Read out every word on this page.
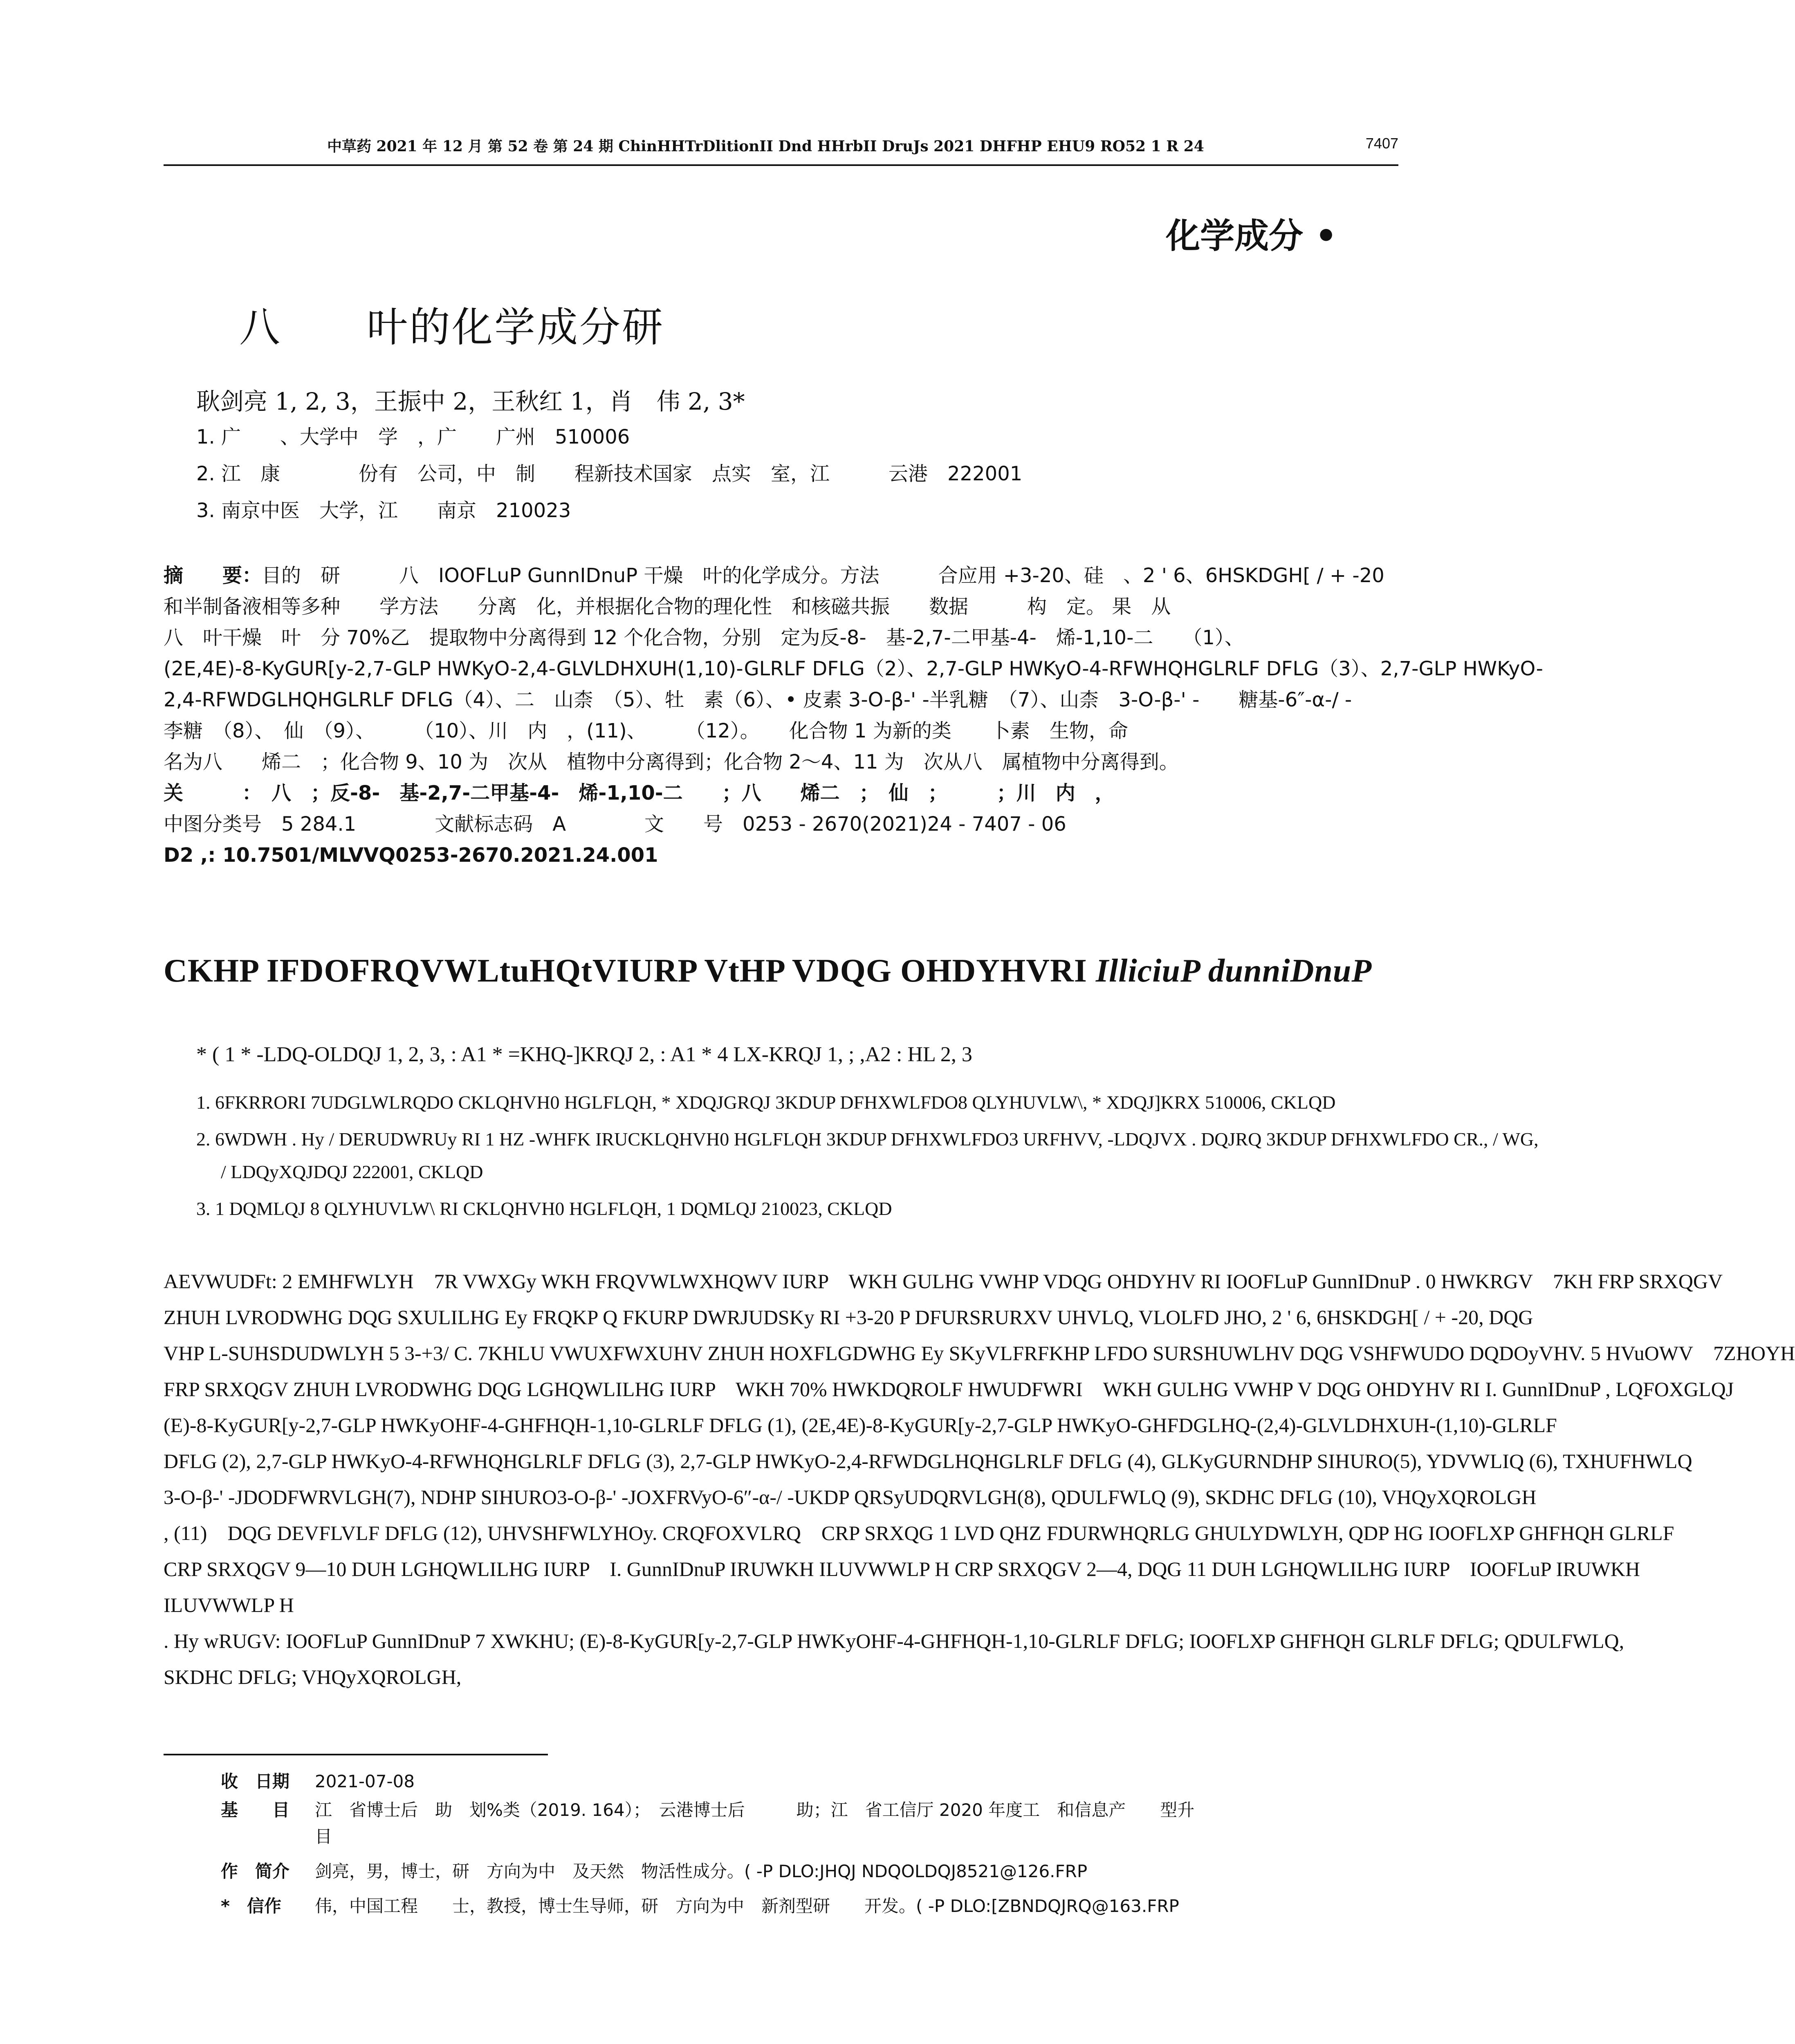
中草药 2021 年 12 月 第 52 卷 第 24 期 ChinHHTrDlitionII Dnd HHrbII DruJs 2021 DHFHP EHU9 RO52 1 R 24	7407
化学成分 •
八　　叶的化学成分研
耿剑亮 1, 2, 3，王振中 2，王秋红 1，肖　伟 2, 3*
1. 广　　、大学中　学　，广　　广州　510006
2. 江　康　　　　份有　公司，中　制　　程新技术国家　点实　室，江　　　云港　222001
3. 南京中医　大学，江　　南京　210023
摘　　要：目的　研　　　八　IOOFLuP GunnIDnuP 干燥　叶的化学成分。方法　　　合应用 +3-20、硅　、2 ' 6、6HSKDGH[ / + -20
和半制备液相等多种　　学方法　　分离　化，并根据化合物的理化性　和核磁共振　　数据　　　构　定。 果　从
八　叶干燥　叶　分 70%乙　提取物中分离得到 12 个化合物，分别　定为反-8-　基-2,7-二甲基-4-　烯-1,10-二　　（1）、
(2E,4E)-8-KyGUR[y-2,7-GLP HWKyO-2,4-GLVLDHXUH(1,10)-GLRLF DFLG（2）、2,7-GLP HWKyO-4-RFWHQHGLRLF DFLG（3）、2,7-GLP HWKyO-
2,4-RFWDGLHQHGLRLF DFLG（4）、二　山柰　（5）、牡　素（6）、• 皮素 3-O-β-' -半乳糖　（7）、山柰　3-O-β-' -　　糖基-6″-α-/ -
李糖　（8）、　仙　（9）、　　　（10）、川　内　，(11)、　　　（12）。　　化合物 1 为新的类　　卜素　生物，命
名为八　　烯二　；化合物 9、10 为　次从　植物中分离得到；化合物 2～4、11 为　次从八　属植物中分离得到。
关　　　：　八　；反-8-　基-2,7-二甲基-4-　烯-1,10-二　　；八　　烯二　；　仙　；　　　；川　内　，
中图分类号　5 284.1　　　　文献标志码　A　　　　文　　号　0253 - 2670(2021)24 - 7407 - 06
D2 ,: 10.7501/MLVVQ0253-2670.2021.24.001
CKHP IFDOFRQVWLtuHQtVIURP VtHP VDQG OHDYHVRI IlliciuP dunniDnuP
* ( 1 * -LDQ-OLDQJ 1, 2, 3, : A1 * =KHQ-]KRQJ 2, : A1 * 4 LX-KRQJ 1, ; ,A2 : HL 2, 3
1. 6FKRRORI 7UDGLWLRQDO CKLQHVH0 HGLFLQH, * XDQJGRQJ 3KDUP DFHXWLFDO8 QLYHUVLW\, * XDQJ]KRX 510006, CKLQD
2. 6WDWH . Hy / DERUDWRUy RI 1 HZ -WHFK IRUCKLQHVH0 HGLFLQH 3KDUP DFHXWLFDO3 URFHVV, -LDQJVX . DQJRQ 3KDUP DFHXWLFDO CR., / WG,
/ LDQyXQJDQJ 222001, CKLQD
3. 1 DQMLQJ 8 QLYHUVLW\ RI CKLQHVH0 HGLFLQH, 1 DQMLQJ 210023, CKLQD
AEVWUDFt: 2 EMHFWLYH　7R VWXGy WKH FRQVWLWXHQWV IURP　WKH GULHG VWHP VDQG OHDYHV RI IOOFLuP GunnIDnuP . 0 HWKRGV　7KH FRP SRXQGV
ZHUH LVRODWHG DQG SXULILHG Ey FRQKP Q FKURP DWRJUDSKy RI +3-20 P DFURSRURXV UHVLQ, VLOLFD JHO, 2 ' 6, 6HSKDGH[ / + -20, DQG
VHP L-SUHSDUDWLYH 5 3-+3/ C. 7KHLU VWUXFWXUHV ZHUH HOXFLGDWHG Ey SKyVLFRFKHP LFDO SURSHUWLHV DQG VSHFWUDO DQDOyVHV. 5 HVuOWV　7ZHOYH
FRP SRXQGV ZHUH LVRODWHG DQG LGHQWLILHG IURP　WKH 70% HWKDQROLF HWUDFWRI　WKH GULHG VWHP V DQG OHDYHV RI I. GunnIDnuP , LQFOXGLQJ
(E)-8-KyGUR[y-2,7-GLP HWKyOHF-4-GHFHQH-1,10-GLRLF DFLG (1), (2E,4E)-8-KyGUR[y-2,7-GLP HWKyO-GHFDGLHQ-(2,4)-GLVLDHXUH-(1,10)-GLRLF
DFLG (2), 2,7-GLP HWKyO-4-RFWHQHGLRLF DFLG (3), 2,7-GLP HWKyO-2,4-RFWDGLHQHGLRLF DFLG (4), GLKyGURNDHP SIHURO(5), YDVWLIQ (6), TXHUFHWLQ
3-O-β-' -JDODFWRVLGH(7), NDHP SIHURO3-O-β-' -JOXFRVyO-6″-α-/ -UKDP QRSyUDQRVLGH(8), QDULFWLQ (9), SKDHC DFLG (10), VHQyXQROLGH
, (11)　DQG DEVFLVLF DFLG (12), UHVSHFWLYHOy. CRQFOXVLRQ　CRP SRXQG 1 LVD QHZ FDURWHQRLG GHULYDWLYH, QDP HG IOOFLXP GHFHQH GLRLF
CRP SRXQGV 9—10 DUH LGHQWLILHG IURP　I. GunnIDnuP IRUWKH ILUVWWLP H CRP SRXQGV 2—4, DQG 11 DUH LGHQWLILHG IURP　IOOFLuP IRUWKH
ILUVWWLP H
. Hy wRUGV: IOOFLuP GunnIDnuP 7 XWKHU; (E)-8-KyGUR[y-2,7-GLP HWKyOHF-4-GHFHQH-1,10-GLRLF DFLG; IOOFLXP GHFHQH GLRLF DFLG; QDULFWLQ,
SKDHC DFLG; VHQyXQROLGH,
收　日期 2021-07-08
基　　目 江　省博士后　助　划%类（2019. 164）；　云港博士后　　　助；江　省工信厅 2020 年度工　和信息产　　型升
目
作　简介 剑亮，男，博士，研　方向为中　及天然　物活性成分。( -P DLO:JHQJ NDQOLDQJ8521@126.FRP
*　信作　伟，中国工程　　士，教授，博士生导师，研　方向为中　新剂型研　　开发。( -P DLO:[ZBNDQJRQ@163.FRP
